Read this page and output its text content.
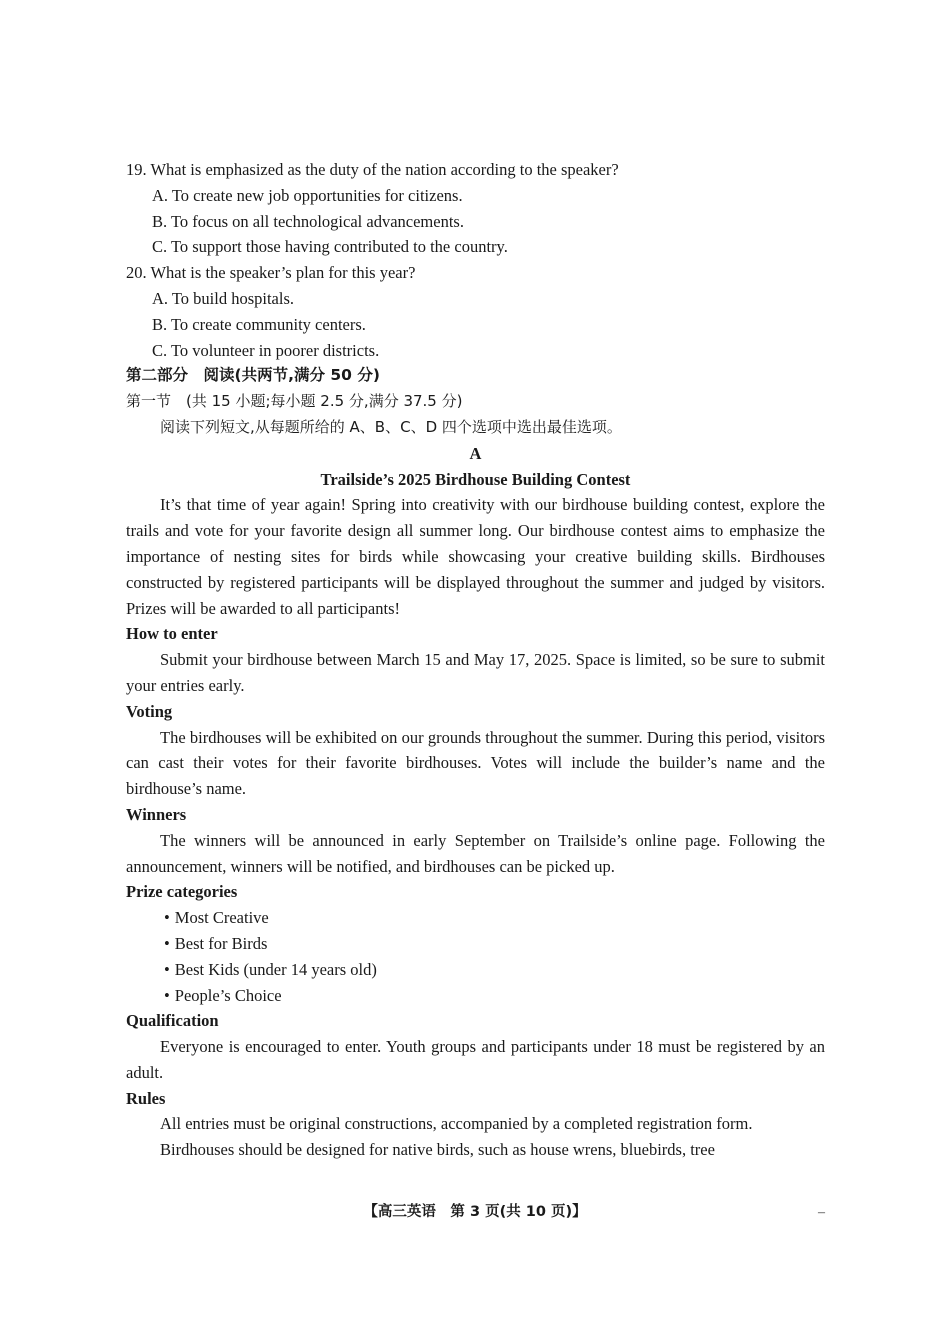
19. What is emphasized as the duty of the nation according to the speaker?
A. To create new job opportunities for citizens.
B. To focus on all technological advancements.
C. To support those having contributed to the country.
20. What is the speaker’s plan for this year?
A. To build hospitals.
B. To create community centers.
C. To volunteer in poorer districts.
第二部分　阅读(共两节,满分 50 分)
第一节　(共 15 小题;每小题 2.5 分,满分 37.5 分)
阅读下列短文,从每题所给的 A、B、C、D 四个选项中选出最佳选项。
A
Trailside’s 2025 Birdhouse Building Contest
It’s that time of year again! Spring into creativity with our birdhouse building contest, explore the trails and vote for your favorite design all summer long. Our birdhouse contest aims to emphasize the importance of nesting sites for birds while showcasing your creative building skills. Birdhouses constructed by registered participants will be displayed throughout the summer and judged by visitors. Prizes will be awarded to all participants!
How to enter
Submit your birdhouse between March 15 and May 17, 2025. Space is limited, so be sure to submit your entries early.
Voting
The birdhouses will be exhibited on our grounds throughout the summer. During this period, visitors can cast their votes for their favorite birdhouses. Votes will include the builder’s name and the birdhouse’s name.
Winners
The winners will be announced in early September on Trailside’s online page. Following the announcement, winners will be notified, and birdhouses can be picked up.
Prize categories
• Most Creative
• Best for Birds
• Best Kids (under 14 years old)
• People’s Choice
Qualification
Everyone is encouraged to enter. Youth groups and participants under 18 must be registered by an adult.
Rules
All entries must be original constructions, accompanied by a completed registration form.
Birdhouses should be designed for native birds, such as house wrens, bluebirds, tree
【高三英语　第 3 页(共 10 页)】	–
